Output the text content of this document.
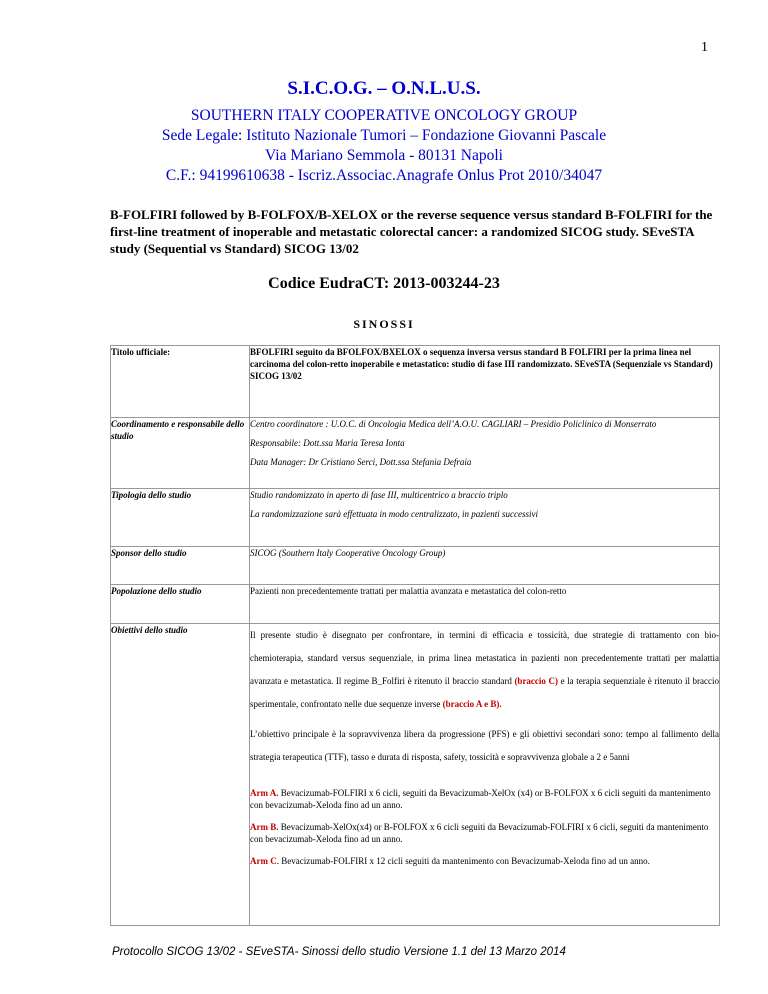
1
S.I.C.O.G. – O.N.L.U.S.
SOUTHERN ITALY COOPERATIVE ONCOLOGY GROUP
Sede Legale: Istituto Nazionale Tumori – Fondazione Giovanni Pascale
Via Mariano Semmola - 80131 Napoli
C.F.: 94199610638 - Iscriz.Associac.Anagrafe Onlus Prot 2010/34047
B-FOLFIRI followed by B-FOLFOX/B-XELOX or the reverse sequence versus standard B-FOLFIRI for the first-line treatment of inoperable and metastatic colorectal cancer: a randomized SICOG study. SEveSTA study (Sequential vs Standard) SICOG 13/02
Codice EudraCT: 2013-003244-23
SINOSSI
Titolo ufficiale:	BFOLFIRI seguito da BFOLFOX/BXELOX o sequenza inversa versus standard B FOLFIRI per la prima linea nel carcinoma del colon-retto inoperabile e metastatico: studio di fase III randomizzato. SEveSTA (Sequenziale vs Standard) SICOG 13/02
Coordinamento e responsabile dello studio	Centro coordinatore : U.O.C. di Oncologia Medica dell’A.O.U. CAGLIARI – Presidio Policlinico di Monserrato

Responsabile: Dott.ssa Maria Teresa Ionta

Data Manager: Dr Cristiano Serci, Dott.ssa Stefania Defraia

Tipologia dello studio	Studio randomizzato in aperto di fase III, multicentrico a braccio triplo

La randomizzazione sarà effettuata in modo centralizzato, in pazienti successivi

Sponsor dello studio	SICOG (Southern Italy Cooperative Oncology Group)
Popolazione dello studio	Pazienti non precedentemente trattati per malattia avanzata e metastatica del colon-retto
Obiettivi dello studio	Il presente studio è disegnato per confrontare, in termini di efficacia e tossicità, due strategie di trattamento con bio-chemioterapia, standard versus sequenziale, in prima linea metastatica in pazienti non precedentemente trattati per malattia avanzata e metastatica. Il regime B_Folfiri è ritenuto il braccio standard (braccio C) e la terapia sequenziale è ritenuto il braccio sperimentale, confrontato nelle due sequenze inverse (braccio A e B).

L’obiettivo principale è la sopravvivenza libera da progressione (PFS) e gli obiettivi secondari sono: tempo al fallimento della strategia terapeutica (TTF), tasso e durata di risposta, safety, tossicità e sopravvivenza globale a 2 e 5anni

Arm A. Bevacizumab-FOLFIRI x 6 cicli, seguiti da Bevacizumab-XelOx (x4) or B-FOLFOX x 6 cicli seguiti da mantenimento con bevacizumab-Xeloda fino ad un anno.

Arm B. Bevacizumab-XelOx(x4) or B-FOLFOX x 6 cicli seguiti da Bevacizumab-FOLFIRI x 6 cicli, seguiti da mantenimento con bevacizumab-Xeloda fino ad un anno.

Arm C. Bevacizumab-FOLFIRI x 12 cicli seguiti da mantenimento con Bevacizumab-Xeloda fino ad un anno.

Protocollo SICOG 13/02 - SEveSTA- Sinossi dello studio Versione 1.1 del 13 Marzo 2014
